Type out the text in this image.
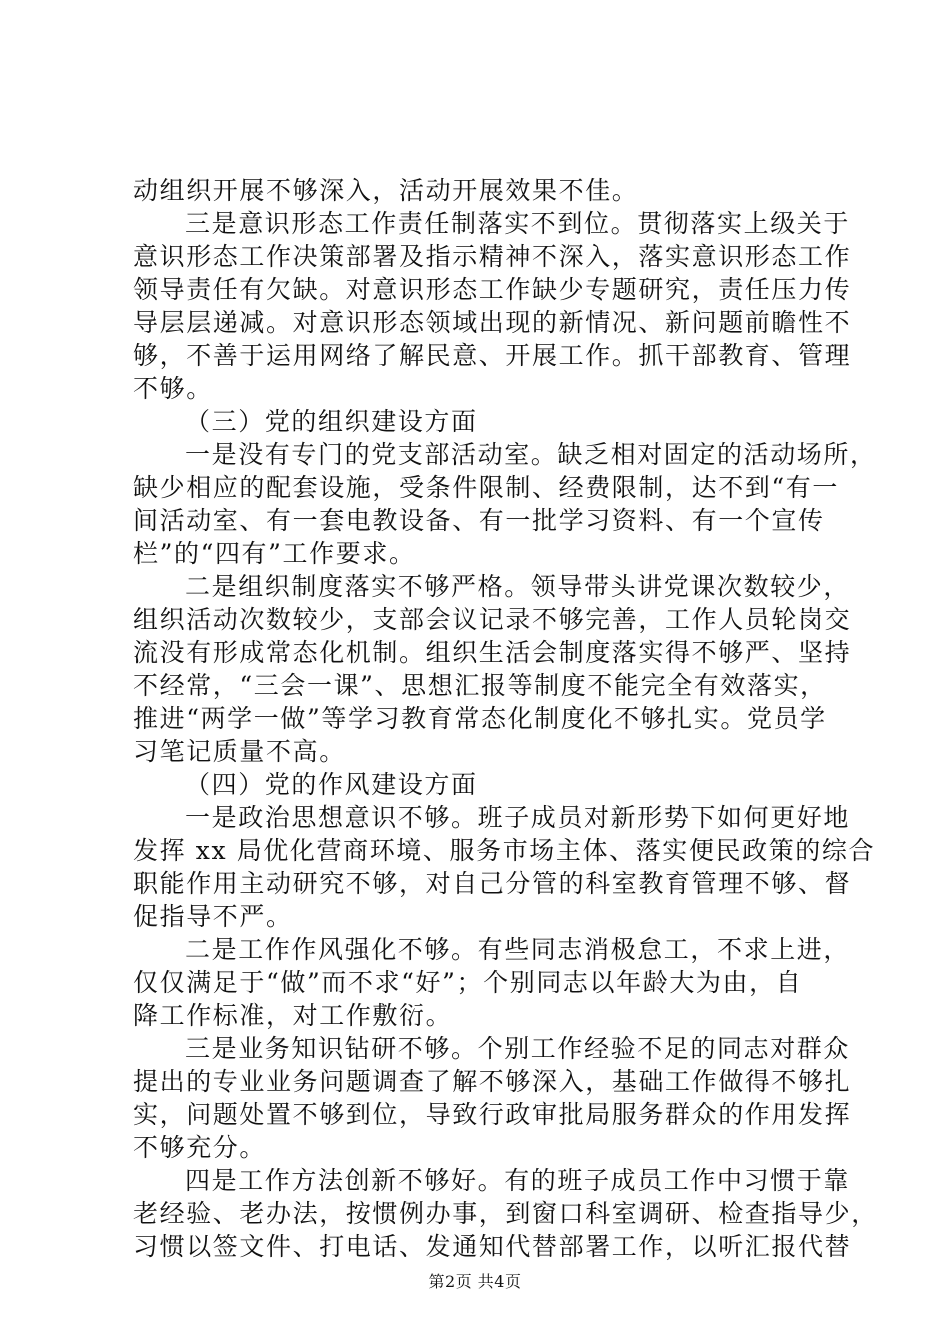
动组织开展不够深入，活动开展效果不佳。
三是意识形态工作责任制落实不到位。贯彻落实上级关于
意识形态工作决策部署及指示精神不深入，落实意识形态工作
领导责任有欠缺。对意识形态工作缺少专题研究，责任压力传
导层层递减。对意识形态领域出现的新情况、新问题前瞻性不
够，不善于运用网络了解民意、开展工作。抓干部教育、管理
不够。
（三）党的组织建设方面
一是没有专门的党支部活动室。缺乏相对固定的活动场所，
缺少相应的配套设施，受条件限制、经费限制，达不到“有一
间活动室、有一套电教设备、有一批学习资料、有一个宣传
栏”的“四有”工作要求。
二是组织制度落实不够严格。领导带头讲党课次数较少，
组织活动次数较少，支部会议记录不够完善，工作人员轮岗交
流没有形成常态化机制。组织生活会制度落实得不够严、坚持
不经常，“三会一课”、思想汇报等制度不能完全有效落实，
推进“两学一做”等学习教育常态化制度化不够扎实。党员学
习笔记质量不高。
（四）党的作风建设方面
一是政治思想意识不够。班子成员对新形势下如何更好地
发挥 xx 局优化营商环境、服务市场主体、落实便民政策的综合
职能作用主动研究不够，对自己分管的科室教育管理不够、督
促指导不严。
二是工作作风强化不够。有些同志消极怠工，不求上进，
仅仅满足于“做”而不求“好”；个别同志以年龄大为由，自
降工作标准，对工作敷衍。
三是业务知识钻研不够。个别工作经验不足的同志对群众
提出的专业业务问题调查了解不够深入，基础工作做得不够扎
实，问题处置不够到位，导致行政审批局服务群众的作用发挥
不够充分。
四是工作方法创新不够好。有的班子成员工作中习惯于靠
老经验、老办法，按惯例办事，到窗口科室调研、检查指导少，
习惯以签文件、打电话、发通知代替部署工作，以听汇报代替
第2页 共4页
